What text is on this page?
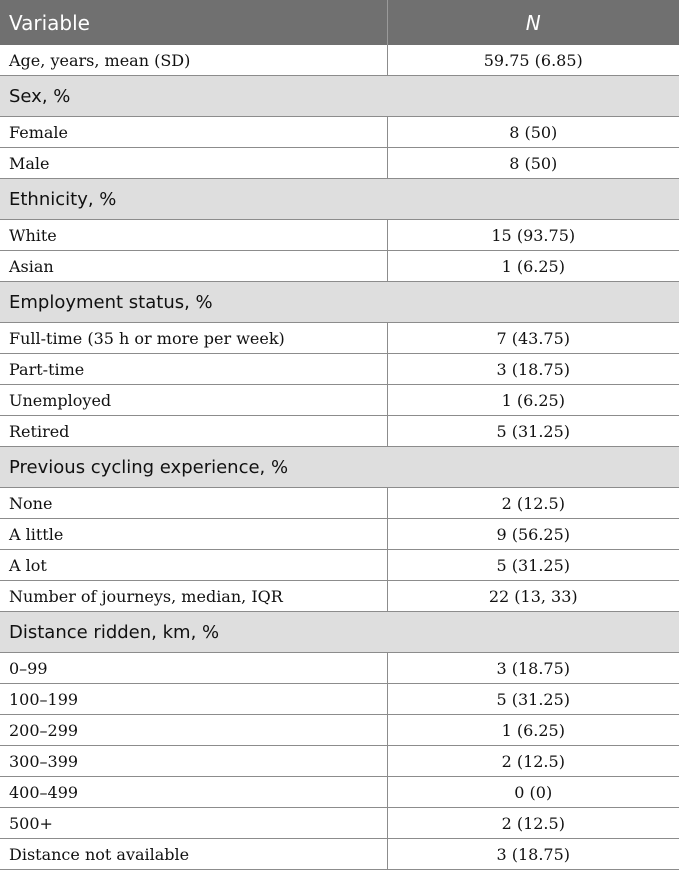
Variable	N
Age, years, mean (SD)	59.75 (6.85)
Sex, %	
Female	8 (50)
Male	8 (50)
Ethnicity, %	
White	15 (93.75)
Asian	1 (6.25)
Employment status, %	
Full-time (35 h or more per week)	7 (43.75)
Part-time	3 (18.75)
Unemployed	1 (6.25)
Retired	5 (31.25)
Previous cycling experience, %	
None	2 (12.5)
A little	9 (56.25)
A lot	5 (31.25)
Number of journeys, median, IQR	22 (13, 33)
Distance ridden, km, %	
0–99	3 (18.75)
100–199	5 (31.25)
200–299	1 (6.25)
300–399	2 (12.5)
400–499	0 (0)
500+	2 (12.5)
Distance not available	3 (18.75)
